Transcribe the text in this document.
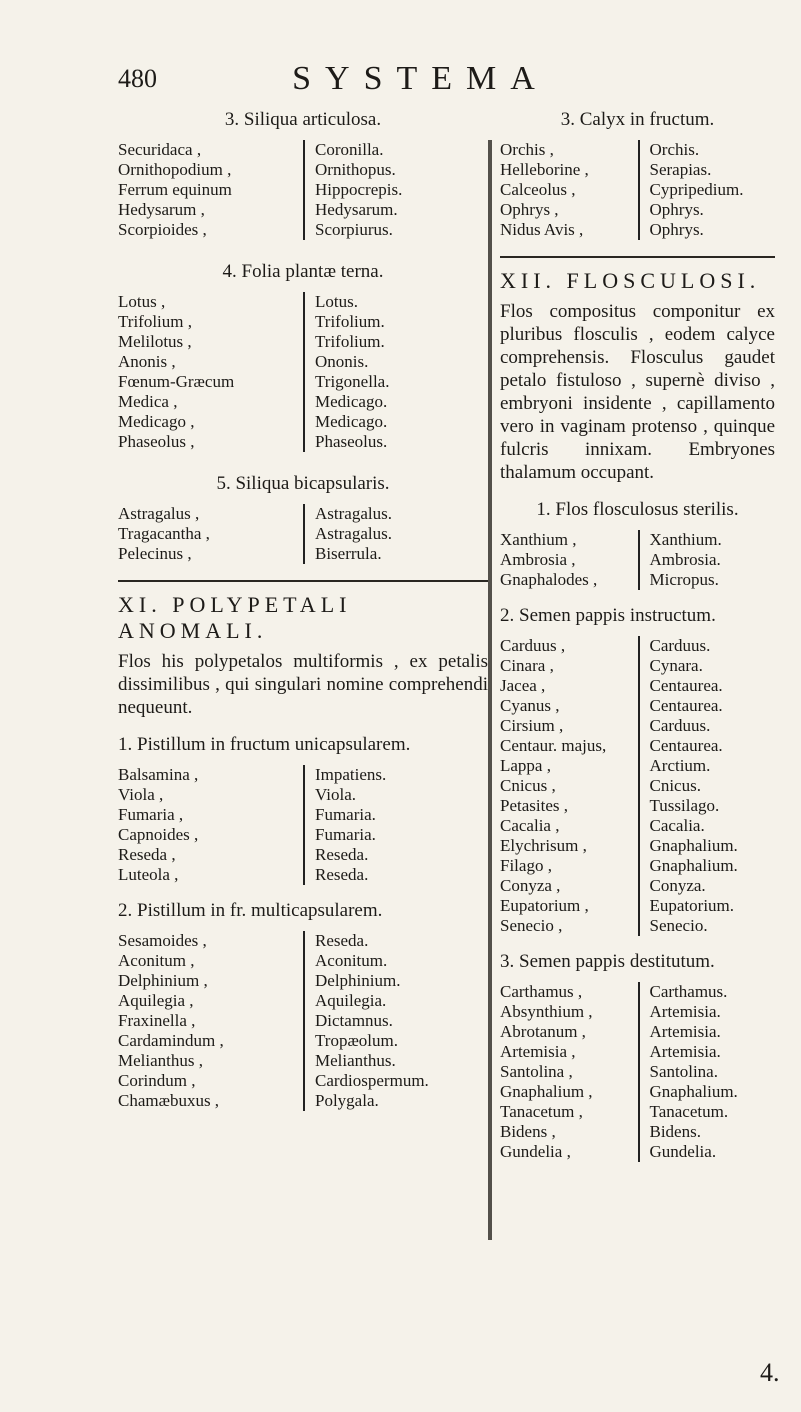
480	SYSTEMA
3. Siliqua articulosa.
Securidaca ,
Ornithopodium ,
Ferrum equinum
Hedysarum ,
Scorpioides ,
Coronilla.
Ornithopus.
Hippocrepis.
Hedysarum.
Scorpiurus.
4. Folia plantæ terna.
Lotus ,
Trifolium ,
Melilotus ,
Anonis ,
Fœnum-Græcum
Medica ,
Medicago ,
Phaseolus ,
Lotus.
Trifolium.
Trifolium.
Ononis.
Trigonella.
Medicago.
Medicago.
Phaseolus.
5. Siliqua bicapsularis.
Astragalus ,
Tragacantha ,
Pelecinus ,
Astragalus.
Astragalus.
Biserrula.
XI. POLYPETALI ANOMALI.
Flos his polypetalos multiformis , ex petalis dissimilibus , qui singulari nomine comprehendi nequeunt.
1. Pistillum in fructum unicapsularem.
Balsamina ,
Viola ,
Fumaria ,
Capnoides ,
Reseda ,
Luteola ,
Impatiens.
Viola.
Fumaria.
Fumaria.
Reseda.
Reseda.
2. Pistillum in fr. multicapsularem.
Sesamoides ,
Aconitum ,
Delphinium ,
Aquilegia ,
Fraxinella ,
Cardamindum ,
Melianthus ,
Corindum ,
Chamæbuxus ,
Reseda.
Aconitum.
Delphinium.
Aquilegia.
Dictamnus.
Tropæolum.
Melianthus.
Cardiospermum.
Polygala.
3. Calyx in fructum.
Orchis ,
Helleborine ,
Calceolus ,
Ophrys ,
Nidus Avis ,
Orchis.
Serapias.
Cypripedium.
Ophrys.
Ophrys.
XII. FLOSCULOSI.
Flos compositus componitur ex pluribus flosculis , eodem calyce comprehensis. Flosculus gaudet petalo fistuloso , supernè diviso , embryoni insidente , capillamento vero in vaginam protenso , quinque fulcris innixam. Embryones thalamum occupant.
1. Flos flosculosus sterilis.
Xanthium ,
Ambrosia ,
Gnaphalodes ,
Xanthium.
Ambrosia.
Micropus.
2. Semen pappis instructum.
Carduus ,
Cinara ,
Jacea ,
Cyanus ,
Cirsium ,
Centaur. majus,
Lappa ,
Cnicus ,
Petasites ,
Cacalia ,
Elychrisum ,
Filago ,
Conyza ,
Eupatorium ,
Senecio ,
Carduus.
Cynara.
Centaurea.
Centaurea.
Carduus.
Centaurea.
Arctium.
Cnicus.
Tussilago.
Cacalia.
Gnaphalium.
Gnaphalium.
Conyza.
Eupatorium.
Senecio.
3. Semen pappis destitutum.
Carthamus ,
Absynthium ,
Abrotanum ,
Artemisia ,
Santolina ,
Gnaphalium ,
Tanacetum ,
Bidens ,
Gundelia ,
Carthamus.
Artemisia.
Artemisia.
Artemisia.
Santolina.
Gnaphalium.
Tanacetum.
Bidens.
Gundelia.
4.
